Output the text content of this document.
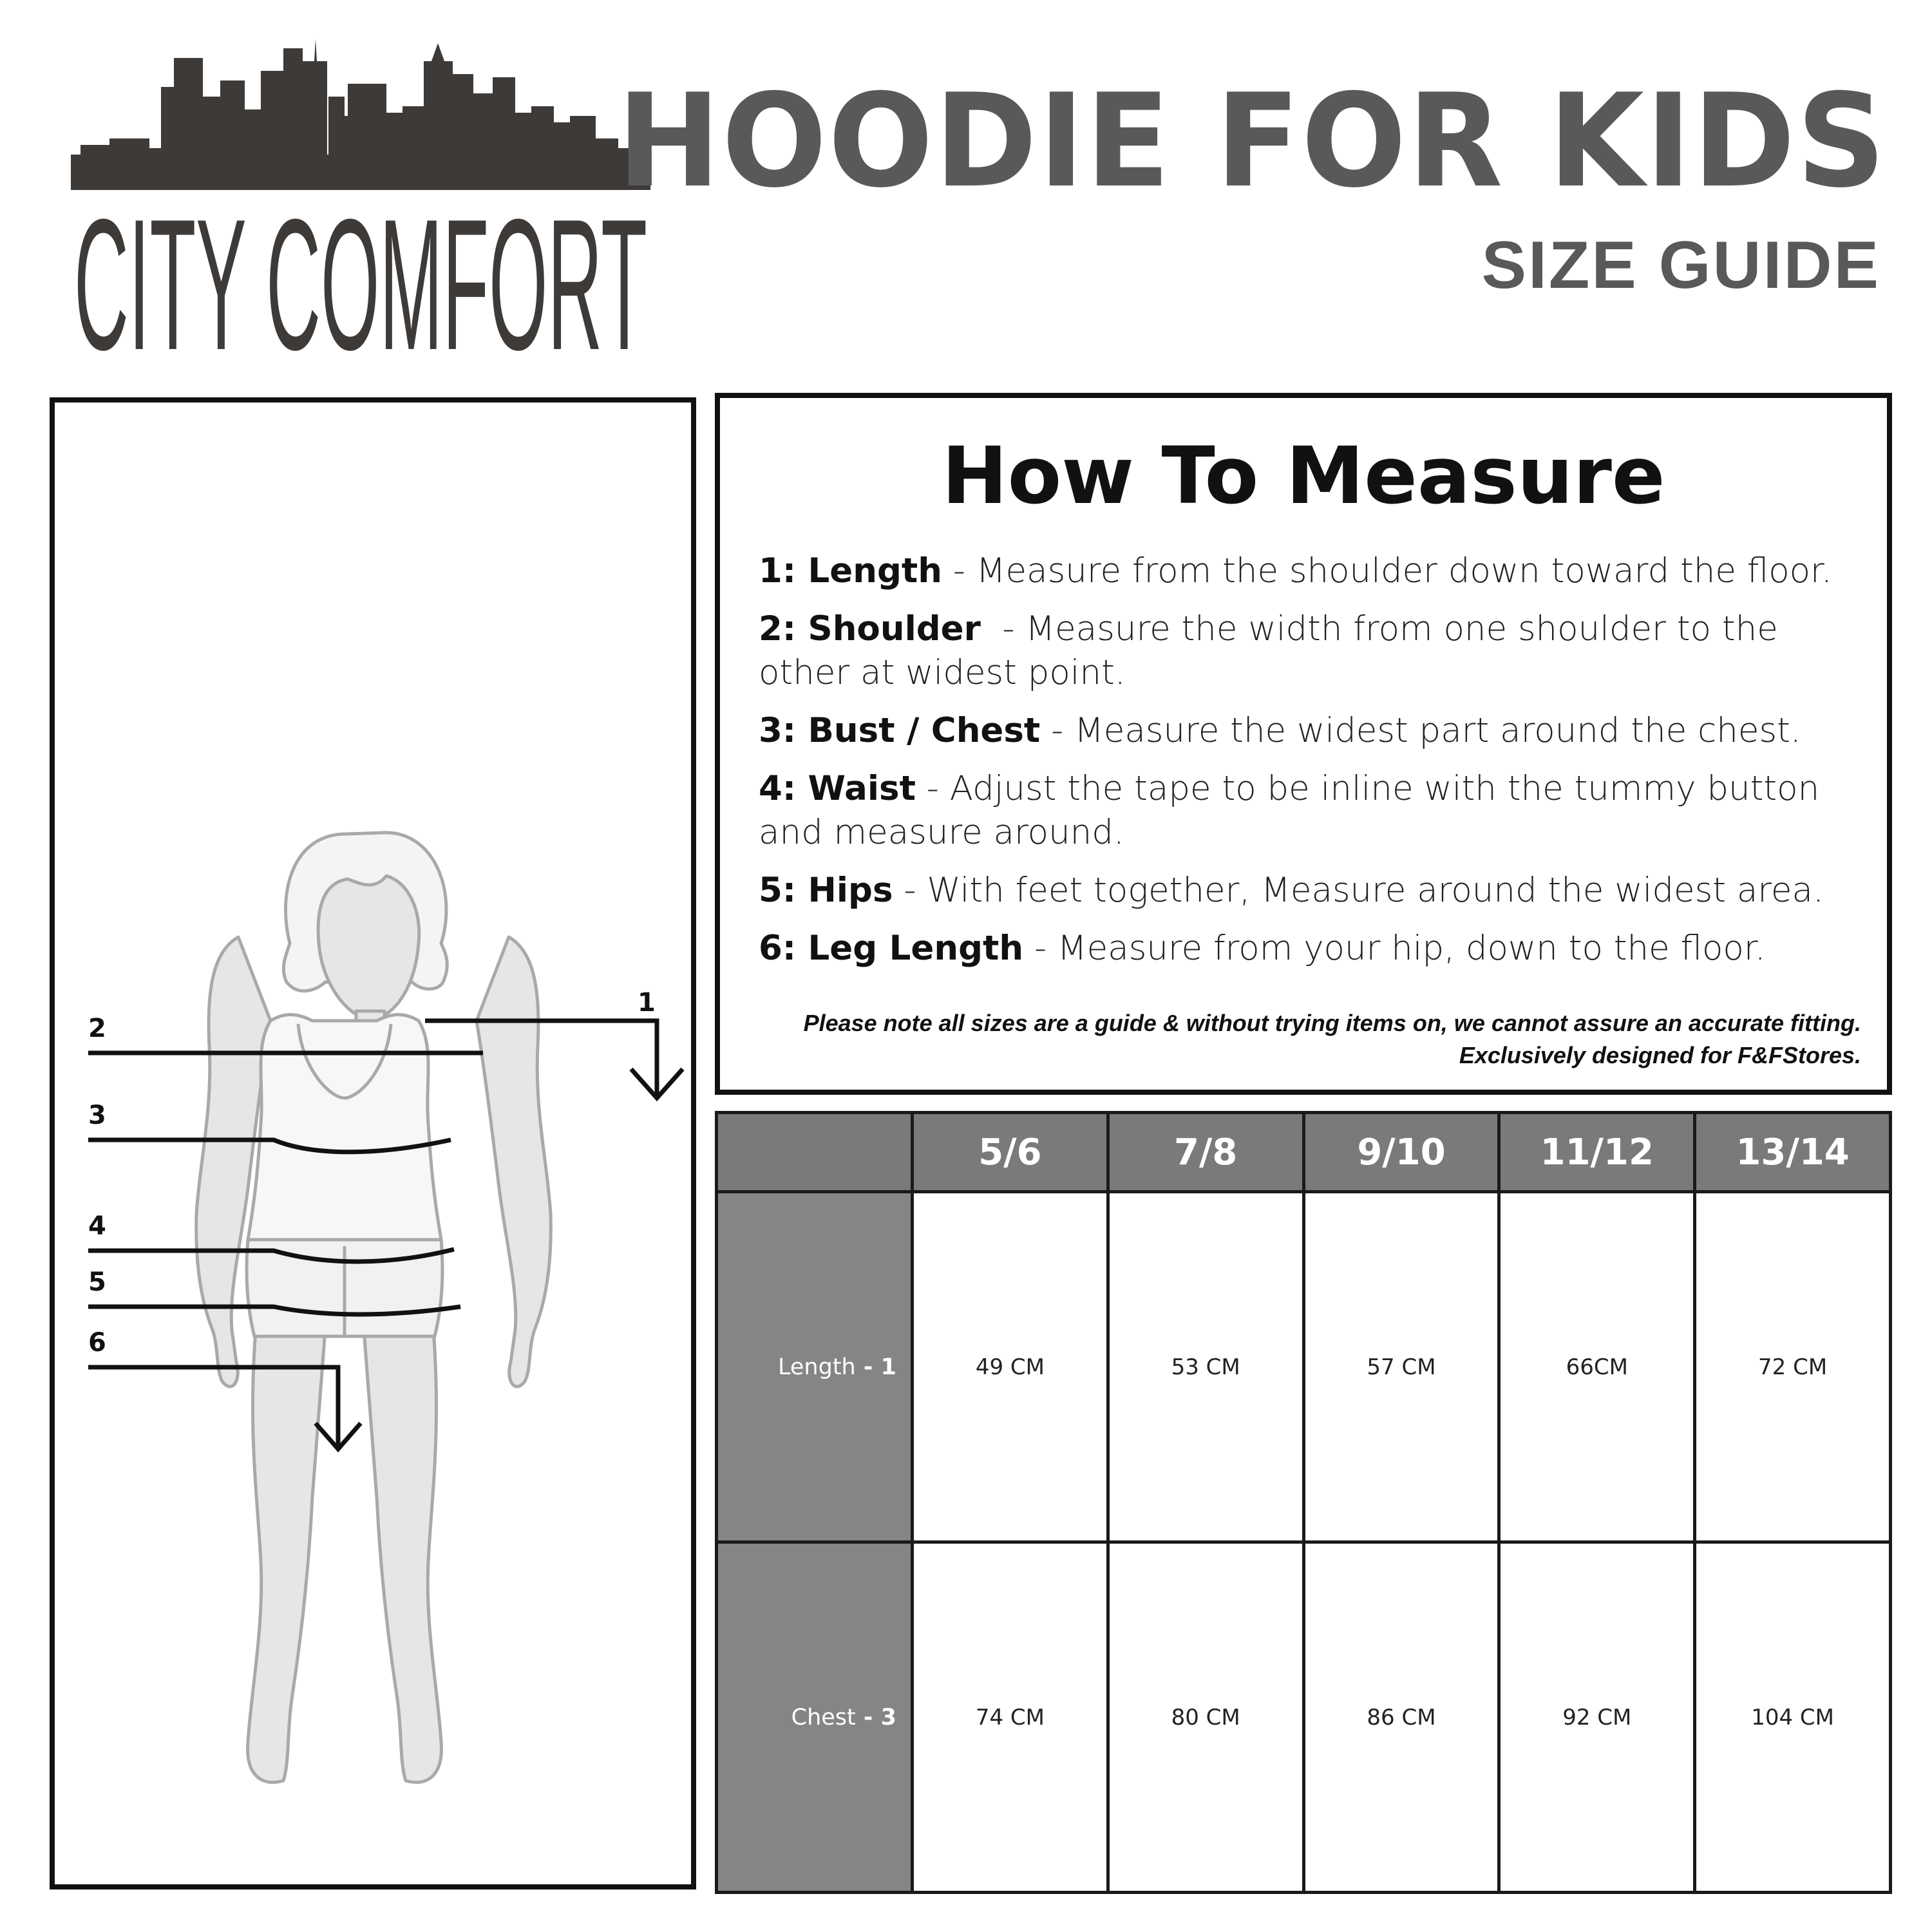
CITY COMFORT
HOODIE FOR KIDS
SIZE GUIDE
1
2
3
4
5
6
How To Measure

1: Length - Measure from the shoulder down toward the floor.

2: Shoulder  - Measure the width from one shoulder to the other at widest point.

3: Bust / Chest - Measure the widest part around the chest.

4: Waist - Adjust the tape to be inline with the tummy button and measure around.

5: Hips - With feet together, Measure around the widest area.

6: Leg Length - Measure from your hip, down to the floor.

Please note all sizes are a guide & without trying items on, we cannot assure an accurate fitting.
Exclusively designed for F&FStores.
	5/6	7/8	9/10	11/12	13/14
Length - 1	49 CM	53 CM	57 CM	66CM	72 CM
Chest - 3	74 CM	80 CM	86 CM	92 CM	104 CM
